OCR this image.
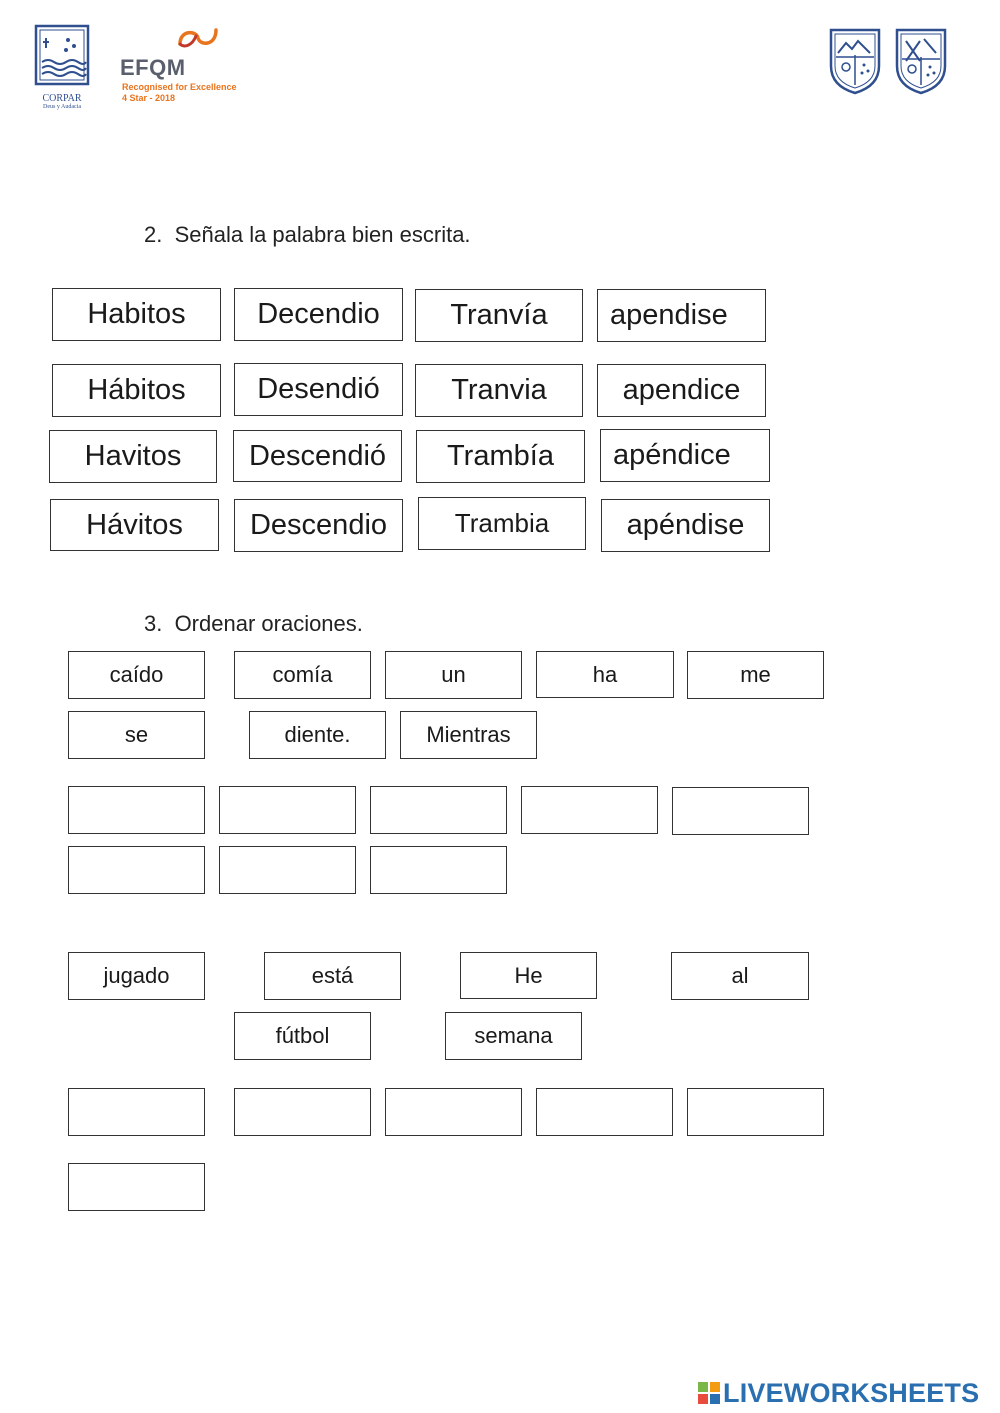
CORPAR
Deus y Audacia
EFQM
Recognised for Excellence
4 Star - 2018
2.  Señala la palabra bien escrita.
Habitos	Decendio	Tranvía	apendise
Hábitos	Desendió	Tranvia	apendice
Havitos	Descendió	Trambía	apéndice
Hávitos	Descendio	Trambia	apéndise
3.  Ordenar oraciones.
caído	comía	un	ha	me
se	diente.	Mientras
jugado	está	He	al
fútbol	semana
LIVEWORKSHEETS
